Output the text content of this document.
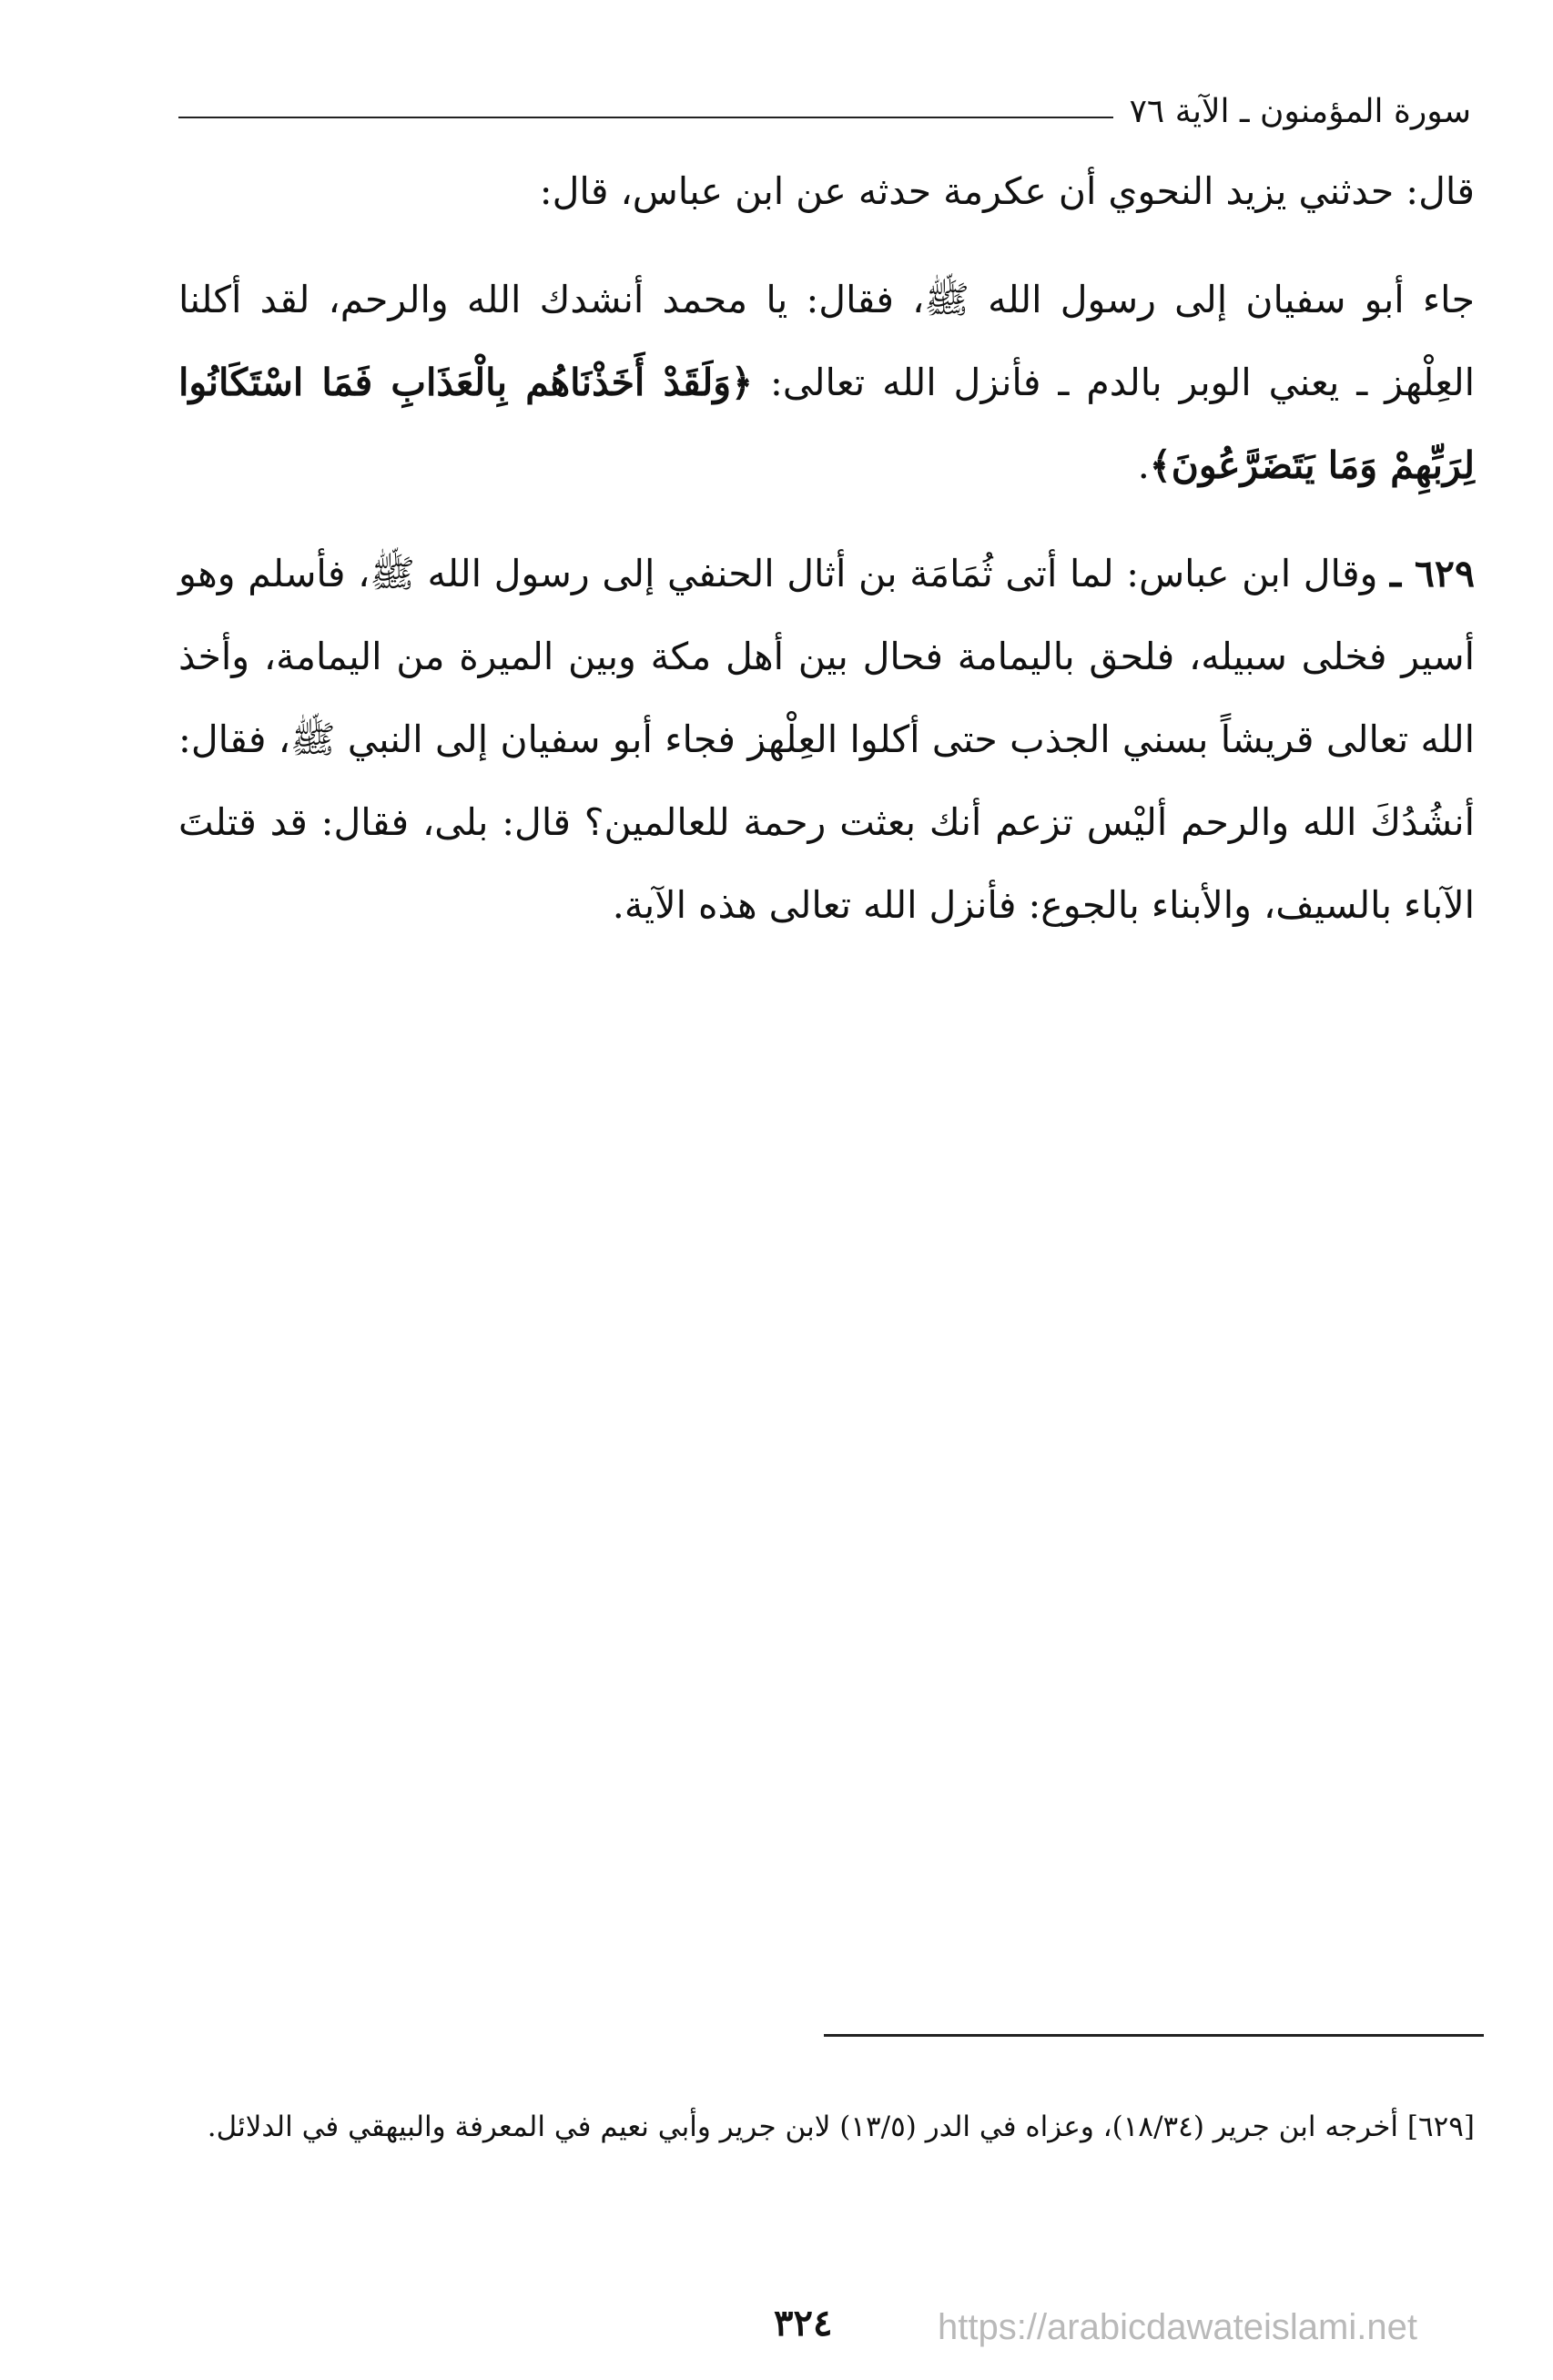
سورة المؤمنون ـ الآية ٧٦

قال: حدثني يزيد النحوي أن عكرمة حدثه عن ابن عباس، قال:

جاء أبو سفيان إلى رسول الله ﷺ، فقال: يا محمد أنشدك الله والرحم، لقد أكلنا العِلْهز ـ يعني الوبر بالدم ـ فأنزل الله تعالى: ﴿وَلَقَدْ أَخَذْنَاهُم بِالْعَذَابِ فَمَا اسْتَكَانُوا لِرَبِّهِمْ وَمَا يَتَضَرَّعُونَ﴾.

٦٢٩ ـ وقال ابن عباس: لما أتى ثُمَامَة بن أثال الحنفي إلى رسول الله ﷺ، فأسلم وهو أسير فخلى سبيله، فلحق باليمامة فحال بين أهل مكة وبين الميرة من اليمامة، وأخذ الله تعالى قريشاً بسني الجذب حتى أكلوا العِلْهز فجاء أبو سفيان إلى النبي ﷺ، فقال: أنشُدُكَ الله والرحم أليْس تزعم أنك بعثت رحمة للعالمين؟ قال: بلى، فقال: قد قتلتَ الآباء بالسيف، والأبناء بالجوع: فأنزل الله تعالى هذه الآية.

[٦٢٩] أخرجه ابن جرير (١٨/٣٤)، وعزاه في الدر (١٣/٥) لابن جرير وأبي نعيم في المعرفة والبيهقي في الدلائل.
٣٢٤	https://arabicdawateislami.net
